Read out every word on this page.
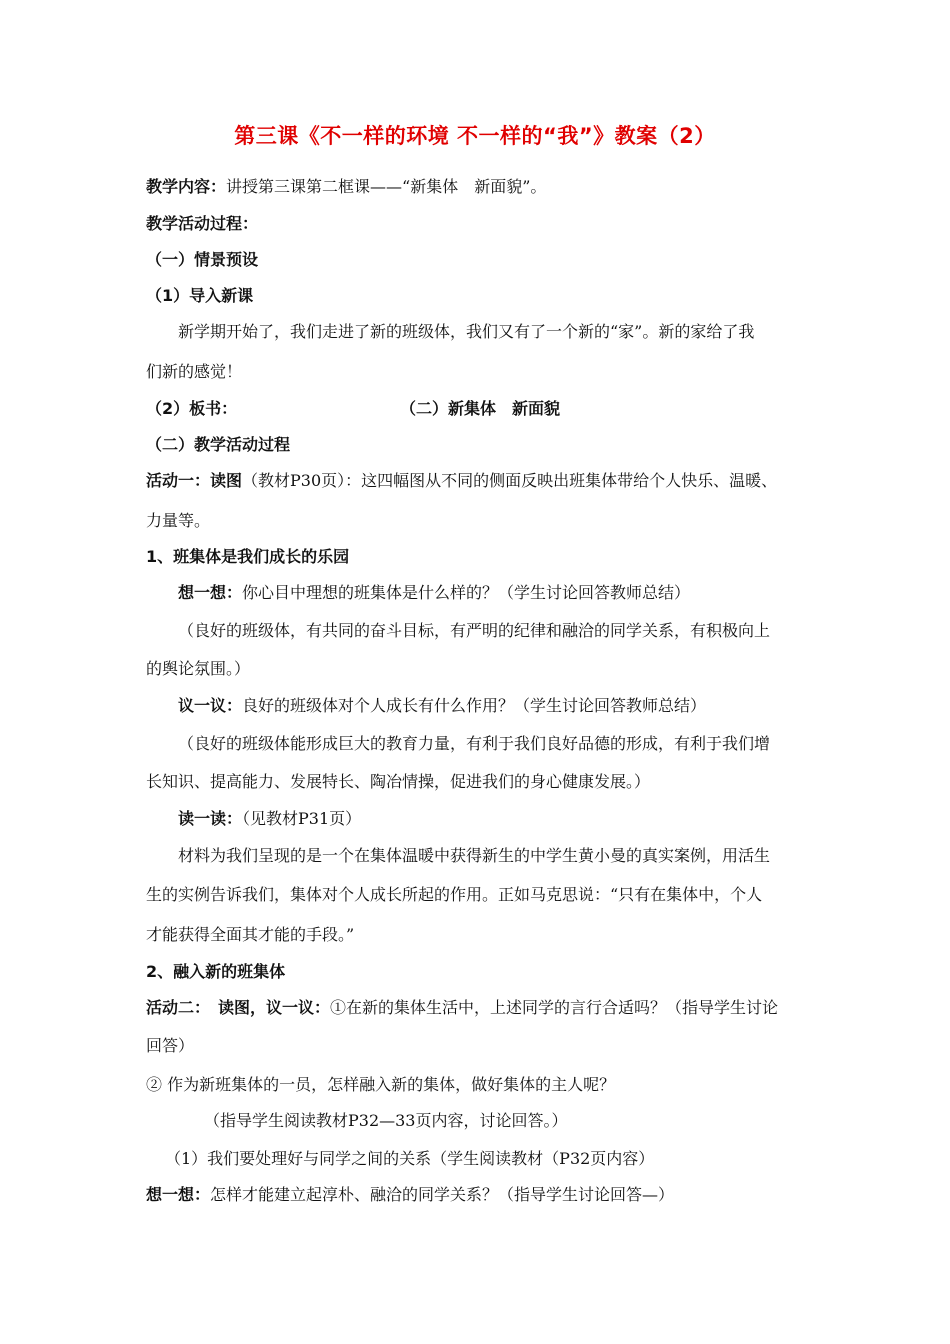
第三课《不一样的环境 不一样的“我”》教案（2）
教学内容：讲授第三课第二框课——“新集体　新面貌”。
教学活动过程：
（一）情景预设
（1）导入新课
新学期开始了，我们走进了新的班级体，我们又有了一个新的“家”。新的家给了我
们新的感觉！
（2）板书：	（二）新集体　新面貌
（二）教学活动过程
活动一：读图（教材P30页）：这四幅图从不同的侧面反映出班集体带给个人快乐、温暖、
力量等。
1、班集体是我们成长的乐园
想一想：你心目中理想的班集体是什么样的？（学生讨论回答教师总结）
（良好的班级体，有共同的奋斗目标，有严明的纪律和融洽的同学关系，有积极向上
的舆论氛围。）
议一议：良好的班级体对个人成长有什么作用？（学生讨论回答教师总结）
（良好的班级体能形成巨大的教育力量，有利于我们良好品德的形成，有利于我们增
长知识、提高能力、发展特长、陶冶情操，促进我们的身心健康发展。）
读一读：（见教材P31页）
材料为我们呈现的是一个在集体温暖中获得新生的中学生黄小曼的真实案例，用活生
生的实例告诉我们，集体对个人成长所起的作用。正如马克思说：“只有在集体中，个人
才能获得全面其才能的手段。”
2、融入新的班集体
活动二：　读图，议一议：①在新的集体生活中，上述同学的言行合适吗？（指导学生讨论
回答）
② 作为新班集体的一员，怎样融入新的集体，做好集体的主人呢？
（指导学生阅读教材P32—33页内容，讨论回答。）
（1）我们要处理好与同学之间的关系（学生阅读教材（P32页内容）
想一想：怎样才能建立起淳朴、融洽的同学关系？（指导学生讨论回答—）
